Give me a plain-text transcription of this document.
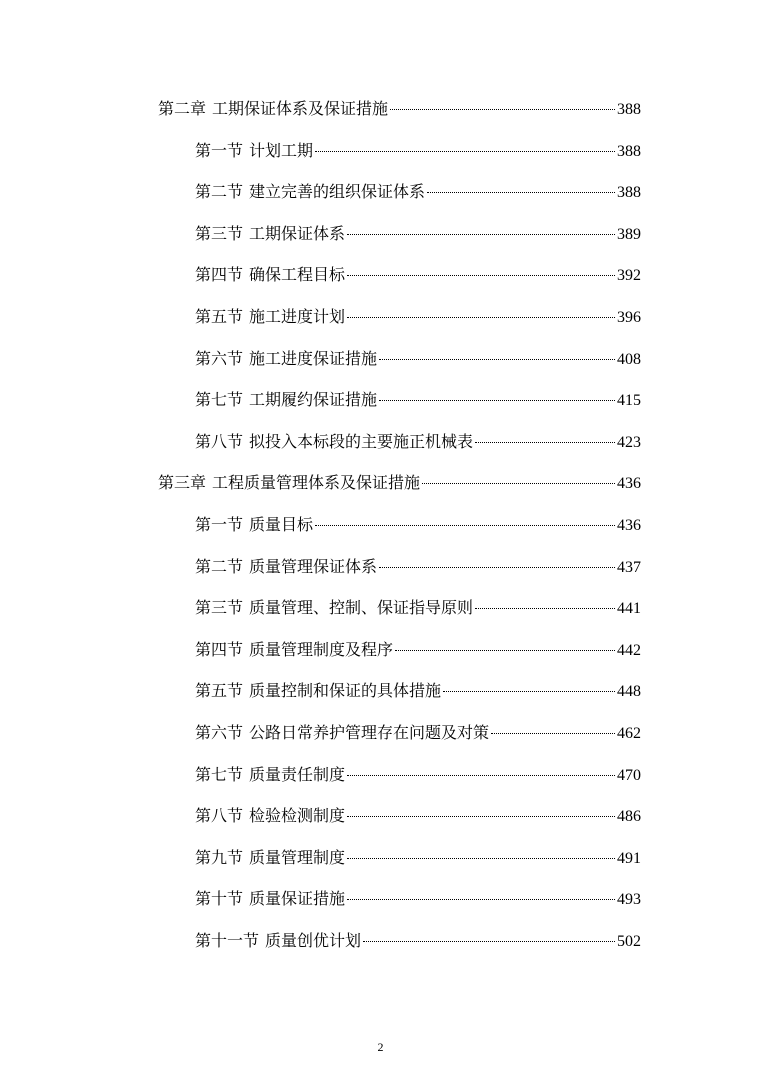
第二章 工期保证体系及保证措施	388
第一节 计划工期	388
第二节 建立完善的组织保证体系	388
第三节 工期保证体系	389
第四节 确保工程目标	392
第五节 施工进度计划	396
第六节 施工进度保证措施	408
第七节 工期履约保证措施	415
第八节 拟投入本标段的主要施正机械表	423
第三章 工程质量管理体系及保证措施	436
第一节 质量目标	436
第二节 质量管理保证体系	437
第三节 质量管理、控制、保证指导原则	441
第四节 质量管理制度及程序	442
第五节 质量控制和保证的具体措施	448
第六节 公路日常养护管理存在问题及对策	462
第七节 质量责任制度	470
第八节 检验检测制度	486
第九节 质量管理制度	491
第十节 质量保证措施	493
第十一节 质量创优计划	502
2
